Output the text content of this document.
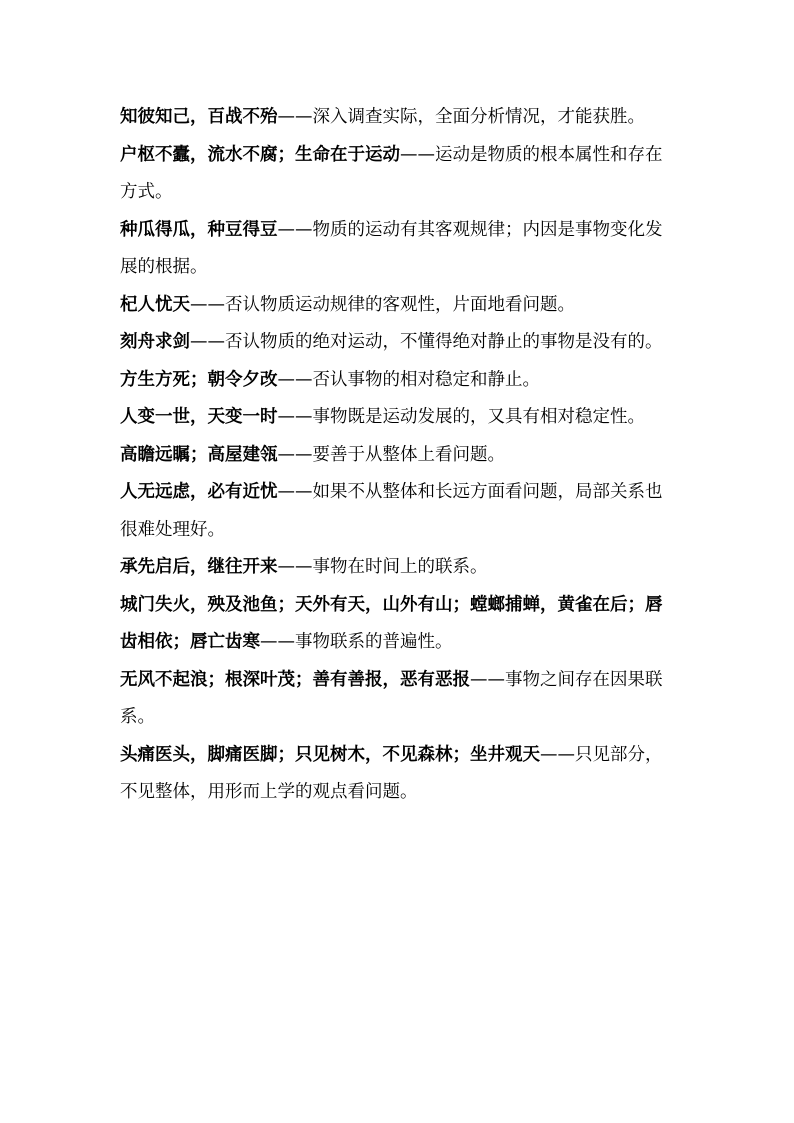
知彼知己，百战不殆——深入调查实际，全面分析情况，才能获胜。

户枢不蠹，流水不腐；生命在于运动——运动是物质的根本属性和存在方式。

种瓜得瓜，种豆得豆——物质的运动有其客观规律；内因是事物变化发展的根据。

杞人忧天——否认物质运动规律的客观性，片面地看问题。

刻舟求剑——否认物质的绝对运动，不懂得绝对静止的事物是没有的。

方生方死；朝令夕改——否认事物的相对稳定和静止。

人变一世，天变一时——事物既是运动发展的，又具有相对稳定性。

高瞻远瞩；高屋建瓴——要善于从整体上看问题。

人无远虑，必有近忧——如果不从整体和长远方面看问题，局部关系也很难处理好。

承先启后，继往开来——事物在时间上的联系。

城门失火，殃及池鱼；天外有天，山外有山；螳螂捕蝉，黄雀在后；唇齿相依；唇亡齿寒——事物联系的普遍性。

无风不起浪；根深叶茂；善有善报，恶有恶报——事物之间存在因果联系。

头痛医头，脚痛医脚；只见树木，不见森林；坐井观天——只见部分，不见整体，用形而上学的观点看问题。
